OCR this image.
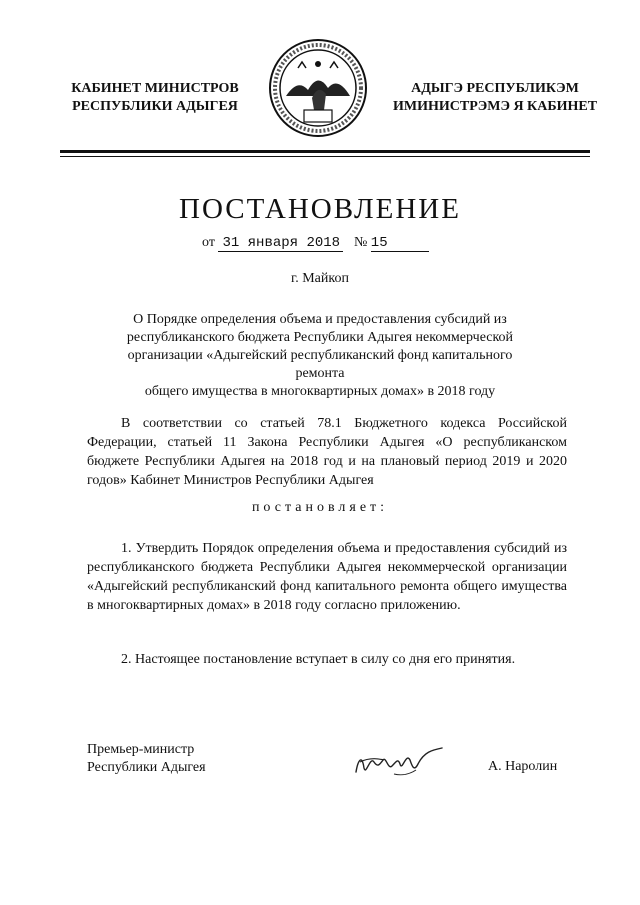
КАБИНЕТ МИНИСТРОВ
РЕСПУБЛИКИ АДЫГЕЯ
АДЫГЭ РЕСПУБЛИКЭМ
ИМИНИСТРЭМЭ Я КАБИНЕТ
ПОСТАНОВЛЕНИЕ
от 31 января 2018 № 15
г. Майкоп
О Порядке определения объема и предоставления субсидий из
республиканского бюджета Республики Адыгея некоммерческой
организации «Адыгейский республиканский фонд капитального ремонта
общего имущества в многоквартирных домах» в 2018 году
В соответствии со статьей 78.1 Бюджетного кодекса Российской Федерации, статьей 11 Закона Республики Адыгея «О республиканском бюджете Республики Адыгея на 2018 год и на плановый период 2019 и 2020 годов» Кабинет Министров Республики Адыгея
постановляет:
1. Утвердить Порядок определения объема и предоставления субсидий из республиканского бюджета Республики Адыгея некоммерческой организации «Адыгейский республиканский фонд капитального ремонта общего имущества в многоквартирных домах» в 2018 году согласно приложению.
2. Настоящее постановление вступает в силу со дня его принятия.
Премьер-министр
Республики Адыгея	А. Наролин
